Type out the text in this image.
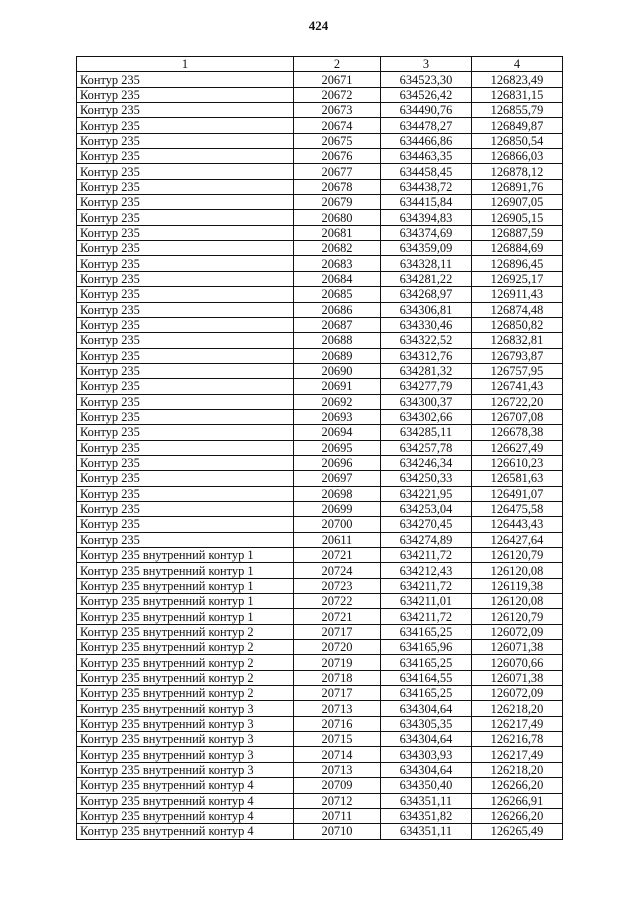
424
1	2	3	4
Контур 235	20671	634523,30	126823,49
Контур 235	20672	634526,42	126831,15
Контур 235	20673	634490,76	126855,79
Контур 235	20674	634478,27	126849,87
Контур 235	20675	634466,86	126850,54
Контур 235	20676	634463,35	126866,03
Контур 235	20677	634458,45	126878,12
Контур 235	20678	634438,72	126891,76
Контур 235	20679	634415,84	126907,05
Контур 235	20680	634394,83	126905,15
Контур 235	20681	634374,69	126887,59
Контур 235	20682	634359,09	126884,69
Контур 235	20683	634328,11	126896,45
Контур 235	20684	634281,22	126925,17
Контур 235	20685	634268,97	126911,43
Контур 235	20686	634306,81	126874,48
Контур 235	20687	634330,46	126850,82
Контур 235	20688	634322,52	126832,81
Контур 235	20689	634312,76	126793,87
Контур 235	20690	634281,32	126757,95
Контур 235	20691	634277,79	126741,43
Контур 235	20692	634300,37	126722,20
Контур 235	20693	634302,66	126707,08
Контур 235	20694	634285,11	126678,38
Контур 235	20695	634257,78	126627,49
Контур 235	20696	634246,34	126610,23
Контур 235	20697	634250,33	126581,63
Контур 235	20698	634221,95	126491,07
Контур 235	20699	634253,04	126475,58
Контур 235	20700	634270,45	126443,43
Контур 235	20611	634274,89	126427,64
Контур 235 внутренний контур 1	20721	634211,72	126120,79
Контур 235 внутренний контур 1	20724	634212,43	126120,08
Контур 235 внутренний контур 1	20723	634211,72	126119,38
Контур 235 внутренний контур 1	20722	634211,01	126120,08
Контур 235 внутренний контур 1	20721	634211,72	126120,79
Контур 235 внутренний контур 2	20717	634165,25	126072,09
Контур 235 внутренний контур 2	20720	634165,96	126071,38
Контур 235 внутренний контур 2	20719	634165,25	126070,66
Контур 235 внутренний контур 2	20718	634164,55	126071,38
Контур 235 внутренний контур 2	20717	634165,25	126072,09
Контур 235 внутренний контур 3	20713	634304,64	126218,20
Контур 235 внутренний контур 3	20716	634305,35	126217,49
Контур 235 внутренний контур 3	20715	634304,64	126216,78
Контур 235 внутренний контур 3	20714	634303,93	126217,49
Контур 235 внутренний контур 3	20713	634304,64	126218,20
Контур 235 внутренний контур 4	20709	634350,40	126266,20
Контур 235 внутренний контур 4	20712	634351,11	126266,91
Контур 235 внутренний контур 4	20711	634351,82	126266,20
Контур 235 внутренний контур 4	20710	634351,11	126265,49
